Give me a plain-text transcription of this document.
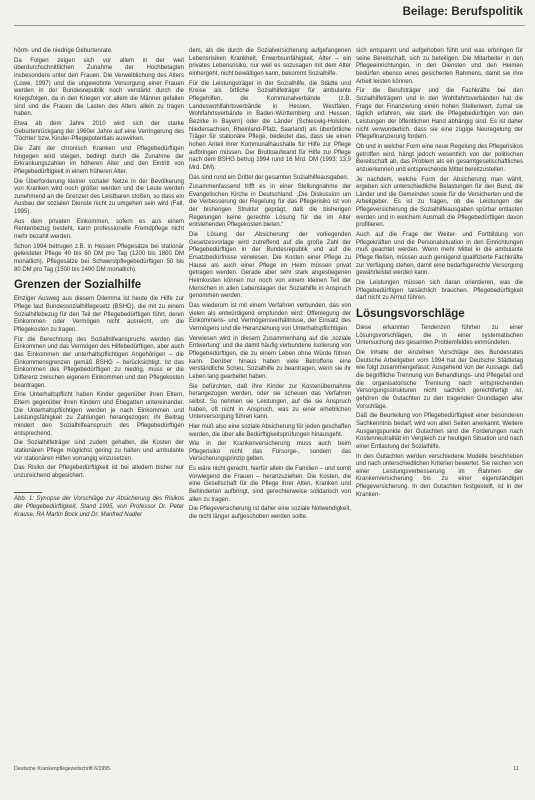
Beilage: Berufspolitik

hörm- und die niedrige Geburtenrate.

Da Folgen zeigen sich vor allem in der weit überdurchschnittlichen Zunahme der Hochbetagten insbesondere unter den Frauen. Die Verweiblichung des Alters (Lowe, 1997) und die ungewohnte Versorgung einer Frauen werden in der Bundesrepublik noch verstärkt durch die Kriegsfolgen, da in den Kriegen vor allem die Männer gefallen sind und die Frauen die Lasten des Alters allein zu tragen haben.

Etwa ab dem Jahre 2010 wird sich der starke Geburtenrückgang der 1960er Jahre auf eine Verringerung des 'Töchter' bzw. Kinder-Pflegepotentials auswirken.

Die Zahl der chronisch Kranken und Pflegebedürftigen hingegen wird steigen, bedingt durch die Zunahme der Erkrankungszahlen im höheren Alter und den Eintritt von Pflegebedürftigkeit in einem früheren Alter.

Die Überforderung kleiner sozialer Netze in der Bevölkerung von Kranken wird noch größer werden und die Leute werden zunehmend an die Grenzen des Leistbaren stoßen, so dass ein Ausbau der sozialen Dienste nicht zu umgehen sein wird (Fall, 1995).

Aus dem privaten Einkommen, sofern es aus einem Rentenbezug besteht, kann professionelle Fremdpflege nicht mehr bezahlt werden.

Schon 1994 betrugen z.B. in Hessen Pflegesätze bei stationär geleisteter Pflege 40 bis 60 DM pro Tag (1200 bis 1800 DM monatlich), Pflegesätze bei Schwerstpflegebedürftigen 50 bis 80 DM pro Tag (1500 bis 2400 DM monatlich).

Grenzen der Sozialhilfe

Einziger Ausweg aus diesem Dilemma ist heute die Hilfe zur Pflege laut Bundessozialhilfegesetz (BSHG), die mit zu einem Sozialhilfebezug für den Teil der Pflegebedürftigen führt, deren Einkommen oder Vermögen nicht ausreicht, um die Pflegekosten zu tragen.

Für die Berechnung des Sozialhilfeanspruchs werden das Einkommen und das Vermögen des Hilfebedürftigen, aber auch das Einkommen der unterhaltspflichtigen Angehörigen – die Einkommensgrenzen gemäß BSHG – berücksichtigt. Ist das Einkommen des Pflegebedürftigen zu niedrig, muss er die Differenz zwischen eigenem Einkommen und den Pflegekosten beantragen.

Eine Unterhaltspflicht haben Kinder gegenüber ihren Eltern, Eltern gegenüber ihren Kindern und Ehegatten untereinander. Die Unterhaltspflichtigen werden je nach Einkommen und Leistungsfähigkeit zu Zahlungen herangezogen; ihr Beitrag mindert den Sozialhilfeanspruch des Pflegebedürftigen entsprechend.

Die Sozialhilfeträger sind zudem gehalten, die Kosten der stationären Pflege möglichst gering zu halten und ambulante vor stationären Hilfen vorrangig einzusetzen.

Das Risiko der Pflegebedürftigkeit ist bei alledem bisher nur unzureichend abgesichert.

Abb. 1: Synopse der Vorschläge zur Absicherung des Risikos der Pflegebedürftigkeit, Stand 1995, von Professor Dr. Peter Krause, RA Martin Bock und Dr. Manfred Nadler

dem, als die durch die Sozialversicherung aufgefangenen Lebensrisiken Krankheit, Erwerbsunfähigkeit, Alter – ein privates Lebensrisiko, nur weil es sozusagen mit dem Alter einhergeht, nicht bewältigen kann, bekommt Sozialhilfe.

Für die Leistungsträger in der Sozialhilfe, die Städte und Kreise als örtliche Sozialhilfeträger für ambulante Pflegehilfen, die Kommunalverbände (z.B. Landeswohlfahrtsverbände in Hessen, Westfalen, Wohlfahrtsverbände in Baden-Württemberg und Hessen, Bezirke in Bayern) oder die Länder (Schleswig-Holstein, Niedersachsen, Rheinland-Pfalz, Saarland) als überörtliche Träger für stationäre Pflege, bedeutet das, dass sie einen hohen Anteil ihrer Kommunalhaushalte für Hilfe zur Pflege aufbringen müssen. Der Bruttoaufwand für Hilfe zur Pflege nach dem BSHG betrug 1994 rund 16 Mrd. DM (1993: 13,9 Mrd. DM).

Das sind rund ein Drittel der gesamten Sozialhilfeausgaben.

Zusammenfassend trifft es in einer Stellungnahme der Evangelischen Kirche in Deutschland: „Die Diskussion um die Verbesserung der Regelung für das Pflegerisiko ist von der bisherigen Struktur geprägt, daß die bisherigen Regelungen keine gerechte Lösung für die im Alter entstehenden Pflegekosten bieten.“

Die Lösung der ‚Absicherung‘ der vorliegenden Gesetzesvorlage wird zutreffend auf die große Zahl der Pflegebedürftigen in der Bundesrepublik und auf die Ersatzbedürfnisse verwiesen. Die Kosten einer Pflege zu Hause als auch einer Pflege im Heim müssen privat getragen werden. Gerade aber sehr stark angestiegenen Heimkosten können nur noch von einem kleinen Teil der Menschen in allen Lebenslagen der Sozialhilfe in Anspruch genommen werden.

Das wiederum ist mit einem Verfahren verbunden, das von vielen als entwürdigend empfunden wird: Offenlegung der Einkommens- und Vermögensverhältnisse, der Einsatz des Vermögens und die Heranziehung von Unterhaltspflichtigen.

Verwiesen wird in diesem Zusammenhang auf die ‚soziale Entwertung‘ und die damit häufig verbundene Isolierung von Pflegebedürftigen, die zu einem Leben ohne Würde führen kann. Derüber hinaus haben viele Betroffene eine verständliche Scheu, Sozialhilfe zu beantragen, wenn sie ihr Leben lang gearbeitet haben.

Sie befürchten, daß ihre Kinder zur Kostenübernahme herangezogen werden, oder sie scheuen das Verfahren selbst. So nehmen sie Leistungen, auf die sie Anspruch haben, oft nicht in Anspruch, was zu einer erheblichen Unterversorgung führen kann.

Hier muß also eine soziale Absicherung für jeden geschaffen werden, die über alle Bedürftigkeitsprüfungen hinausgeht.

Wie in der Krankenversicherung muss auch beim Pflegerisiko nicht das Fürsorge-, sondern das Versicherungsprinzip gelten.

Es wäre nicht gerecht, hierfür allein die Familien – und somit vorwiegend die Frauen – heranzuziehen. Die Kosten, die eine Gesellschaft für die Pflege ihrer Alten, Kranken und Behinderten aufbringt, sind gerechterweise solidarisch von allen zu tragen.

Die Pflegeversicherung ist daher eine soziale Notwendigkeit, die nicht länger aufgeschoben werden sollte.

sich entspannt und aufgehoben fühlt und was erbringen für seine Bereitschaft, sich zu beteiligen. Die Mitarbeiter in den Pflegeeinrichtungen, in den Diensten und den Heimen bedürfen ebenso eines gesicherten Rahmens, damit sie ihre Arbeit leisten können.

Für die Berufsträger und die Fachkräfte bei den Sozialhilfeträgern und in den Wohlfahrtsverbänden hat die Frage der Finanzierung einen hohen Stellenwert, zumal sie täglich erfahren, wie stark die Pflegebedürftigen von den Leistungen der öffentlichen Hand abhängig sind. Es ist daher nicht verwunderlich, dass sie eine zügige Neuregelung der Pflegefinanzierung fordern.

Ob und in welcher Form eine neue Regelung des Pflegerisikos getroffen wird, hängt jedoch wesentlich von der politischen Bereitschaft ab, das Problem als ein gesamtgesellschaftliches anzuerkennen und entsprechende Mittel bereitzustellen.

Je nachdem, welche Form der Absicherung man wählt, ergeben sich unterschiedliche Belastungen für den Bund, die Länder und die Gemeinden sowie für die Versicherten und die Arbeitgeber. Es ist zu fragen, ob die Leistungen der Pflegeversicherung die Sozialhilfeausgaben spürbar entlasten werden und in welchem Ausmaß die Pflegebedürftigen davon profitieren.

Auch auf die Frage der Weiter- und Fortbildung von Pflegekräften und die Personalsituation in den Einrichtungen muß geachtet werden. Wenn mehr Mittel in die ambulante Pflege fließen, müssen auch genügend qualifizierte Fachkräfte zur Verfügung stehen, damit eine bedarfsgerechte Versorgung gewährleistet werden kann.

Die Leistungen müssen sich daran orientieren, was die Pflegebedürftigen tatsächlich brauchen. Pflegebedürftigkeit darf nicht zu Armut führen.

Lösungsvorschläge

Diese erkannten Tendenzen führten zu einer Lösungsvorschlägen, die in einer systematischen Untersuchung des gesamten Problemfeldes einmündeten.

Die Inhalte der einzelnen Vorschläge des Bundesrates Deutsche Arbeitgeber vom 1994 hat der Deutsche Städtetag wie folgt zusammengefasst: Ausgehend von der Aussage, daß die begriffliche Trennung von Behandlungs- und Pflegefall und die organisatorische Trennung nach entsprechenden Versorgungsstrukturen nicht sachlich gerechtfertigt ist, gehören die Gutachten zu den tragenden Grundlagen aller Vorschläge.

Daß die Beurteilung von Pflegebedürftigkeit einer besonderen Sachkenntnis bedarf, wird von allen Seiten anerkannt. Weitere Ausgangspunkte der Gutachten sind die Forderungen nach Kostenneutralität im Vergleich zur heutigen Situation und nach einer Entlastung der Sozialhilfe.

In den Gutachten werden verschiedene Modelle beschrieben und nach unterschiedlichen Kriterien bewertet. Sie reichen von einer Leistungsverbesserung im Rahmen der Krankenversicherung bis zu einer eigenständigen Pflegeversicherung. In den Gutachten festgestellt, ist in der Kranken-

Deutsche Krankenpflegezeitschrift 6/1995	11
